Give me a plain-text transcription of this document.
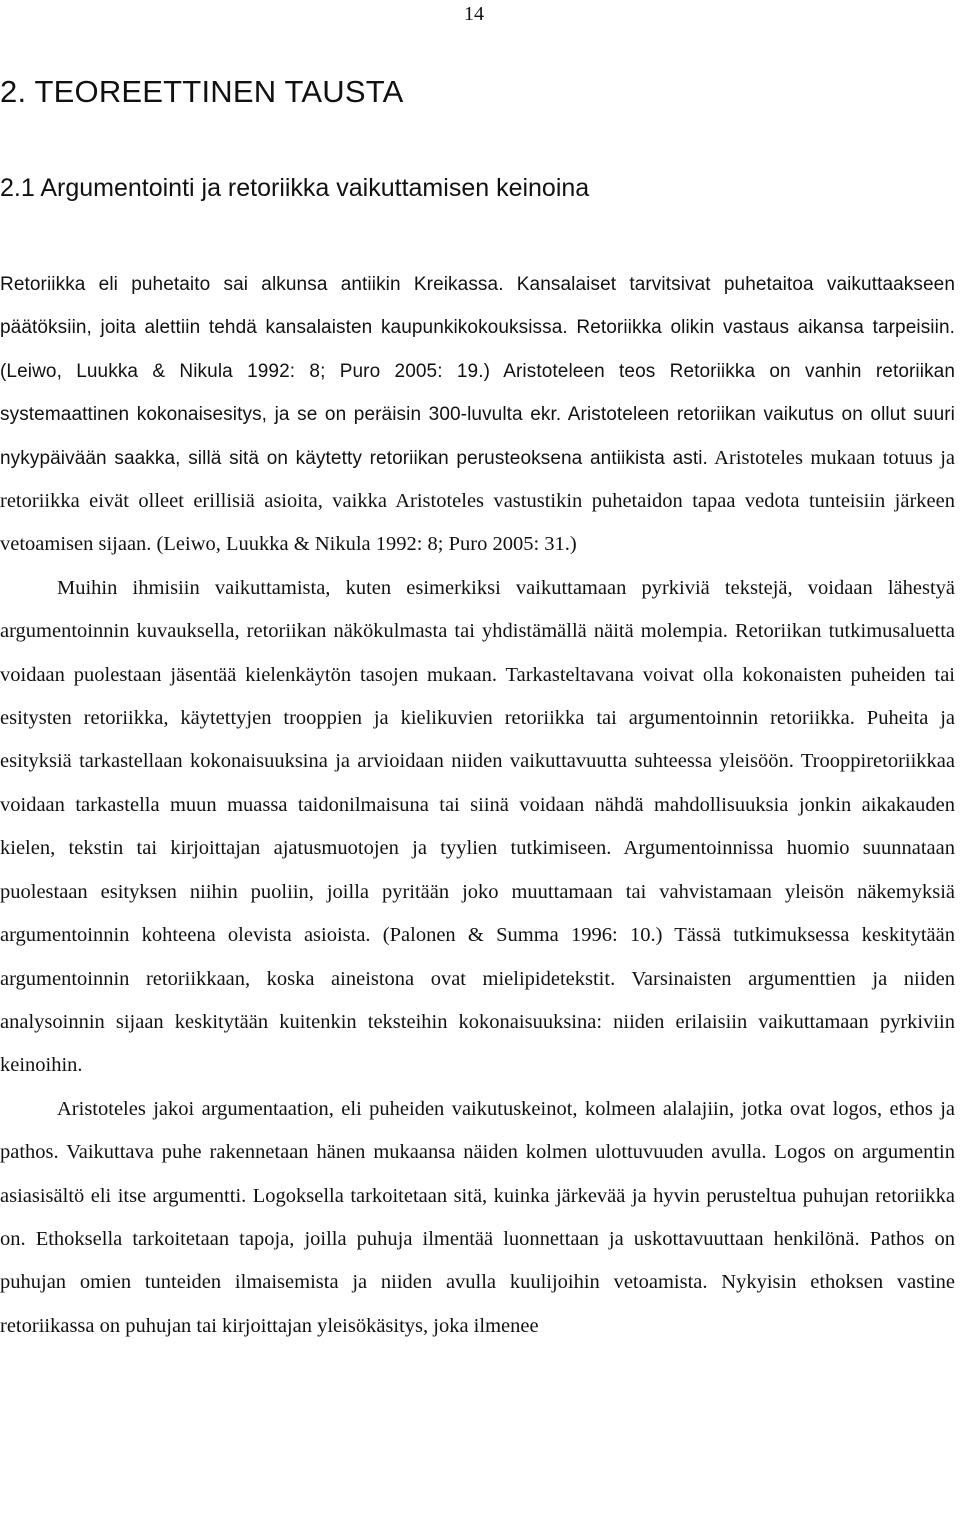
14
2. TEOREETTINEN TAUSTA
2.1 Argumentointi ja retoriikka vaikuttamisen keinoina

Retoriikka eli puhetaito sai alkunsa antiikin Kreikassa. Kansalaiset tarvitsivat puhetaitoa vaikuttaakseen päätöksiin, joita alettiin tehdä kansalaisten kaupunkikokouksissa. Retoriikka olikin vastaus aikansa tarpeisiin. (Leiwo, Luukka & Nikula 1992: 8; Puro 2005: 19.) Aristoteleen teos Retoriikka on vanhin retoriikan systemaattinen kokonaisesitys, ja se on peräisin 300-luvulta ekr. Aristoteleen retoriikan vaikutus on ollut suuri nykypäivään saakka, sillä sitä on käytetty retoriikan perusteoksena antiikista asti. Aristoteles mukaan totuus ja retoriikka eivät olleet erillisiä asioita, vaikka Aristoteles vastustikin puhetaidon tapaa vedota tunteisiin järkeen vetoamisen sijaan. (Leiwo, Luukka & Nikula 1992: 8; Puro 2005: 31.)

Muihin ihmisiin vaikuttamista, kuten esimerkiksi vaikuttamaan pyrkiviä tekstejä, voidaan lähestyä argumentoinnin kuvauksella, retoriikan näkökulmasta tai yhdistämällä näitä molempia. Retoriikan tutkimusaluetta voidaan puolestaan jäsentää kielenkäytön tasojen mukaan. Tarkasteltavana voivat olla kokonaisten puheiden tai esitysten retoriikka, käytettyjen trooppien ja kielikuvien retoriikka tai argumentoinnin retoriikka. Puheita ja esityksiä tarkastellaan kokonaisuuksina ja arvioidaan niiden vaikuttavuutta suhteessa yleisöön. Trooppiretoriikkaa voidaan tarkastella muun muassa taidonilmaisuna tai siinä voidaan nähdä mahdollisuuksia jonkin aikakauden kielen, tekstin tai kirjoittajan ajatusmuotojen ja tyylien tutkimiseen. Argumentoinnissa huomio suunnataan puolestaan esityksen niihin puoliin, joilla pyritään joko muuttamaan tai vahvistamaan yleisön näkemyksiä argumentoinnin kohteena olevista asioista. (Palonen & Summa 1996: 10.) Tässä tutkimuksessa keskitytään argumentoinnin retoriikkaan, koska aineistona ovat mielipidetekstit. Varsinaisten argumenttien ja niiden analysoinnin sijaan keskitytään kuitenkin teksteihin kokonaisuuksina: niiden erilaisiin vaikuttamaan pyrkiviin keinoihin.

Aristoteles jakoi argumentaation, eli puheiden vaikutuskeinot, kolmeen alalajiin, jotka ovat logos, ethos ja pathos. Vaikuttava puhe rakennetaan hänen mukaansa näiden kolmen ulottuvuuden avulla. Logos on argumentin asiasisältö eli itse argumentti. Logoksella tarkoitetaan sitä, kuinka järkevää ja hyvin perusteltua puhujan retoriikka on. Ethoksella tarkoitetaan tapoja, joilla puhuja ilmentää luonnettaan ja uskottavuuttaan henkilönä. Pathos on puhujan omien tunteiden ilmaisemista ja niiden avulla kuulijoihin vetoamista. Nykyisin ethoksen vastine retoriikassa on puhujan tai kirjoittajan yleisökäsitys, joka ilmenee
